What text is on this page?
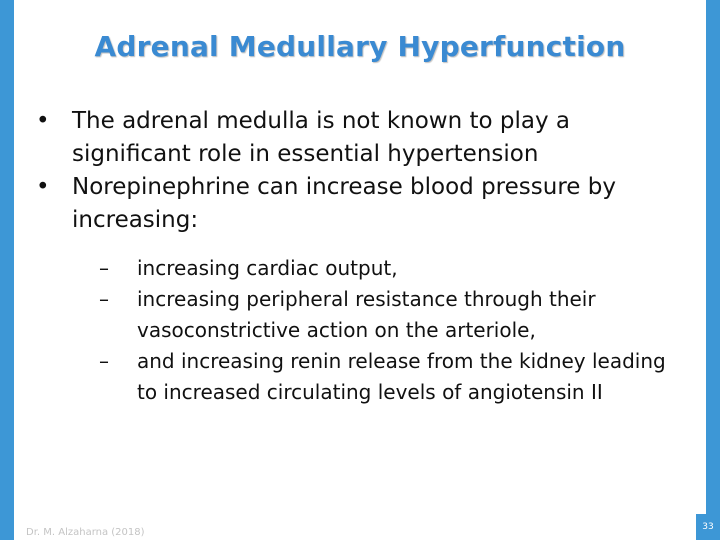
Adrenal Medullary Hyperfunction
• The adrenal medulla is not known to play a significant role in essential hypertension
• Norepinephrine can increase blood pressure by increasing:
– increasing cardiac output,
– increasing peripheral resistance through their vasoconstrictive action on the arteriole,
– and increasing renin release from the kidney leading to increased circulating levels of angiotensin II
Dr. M. Alzaharna (2018)	33
